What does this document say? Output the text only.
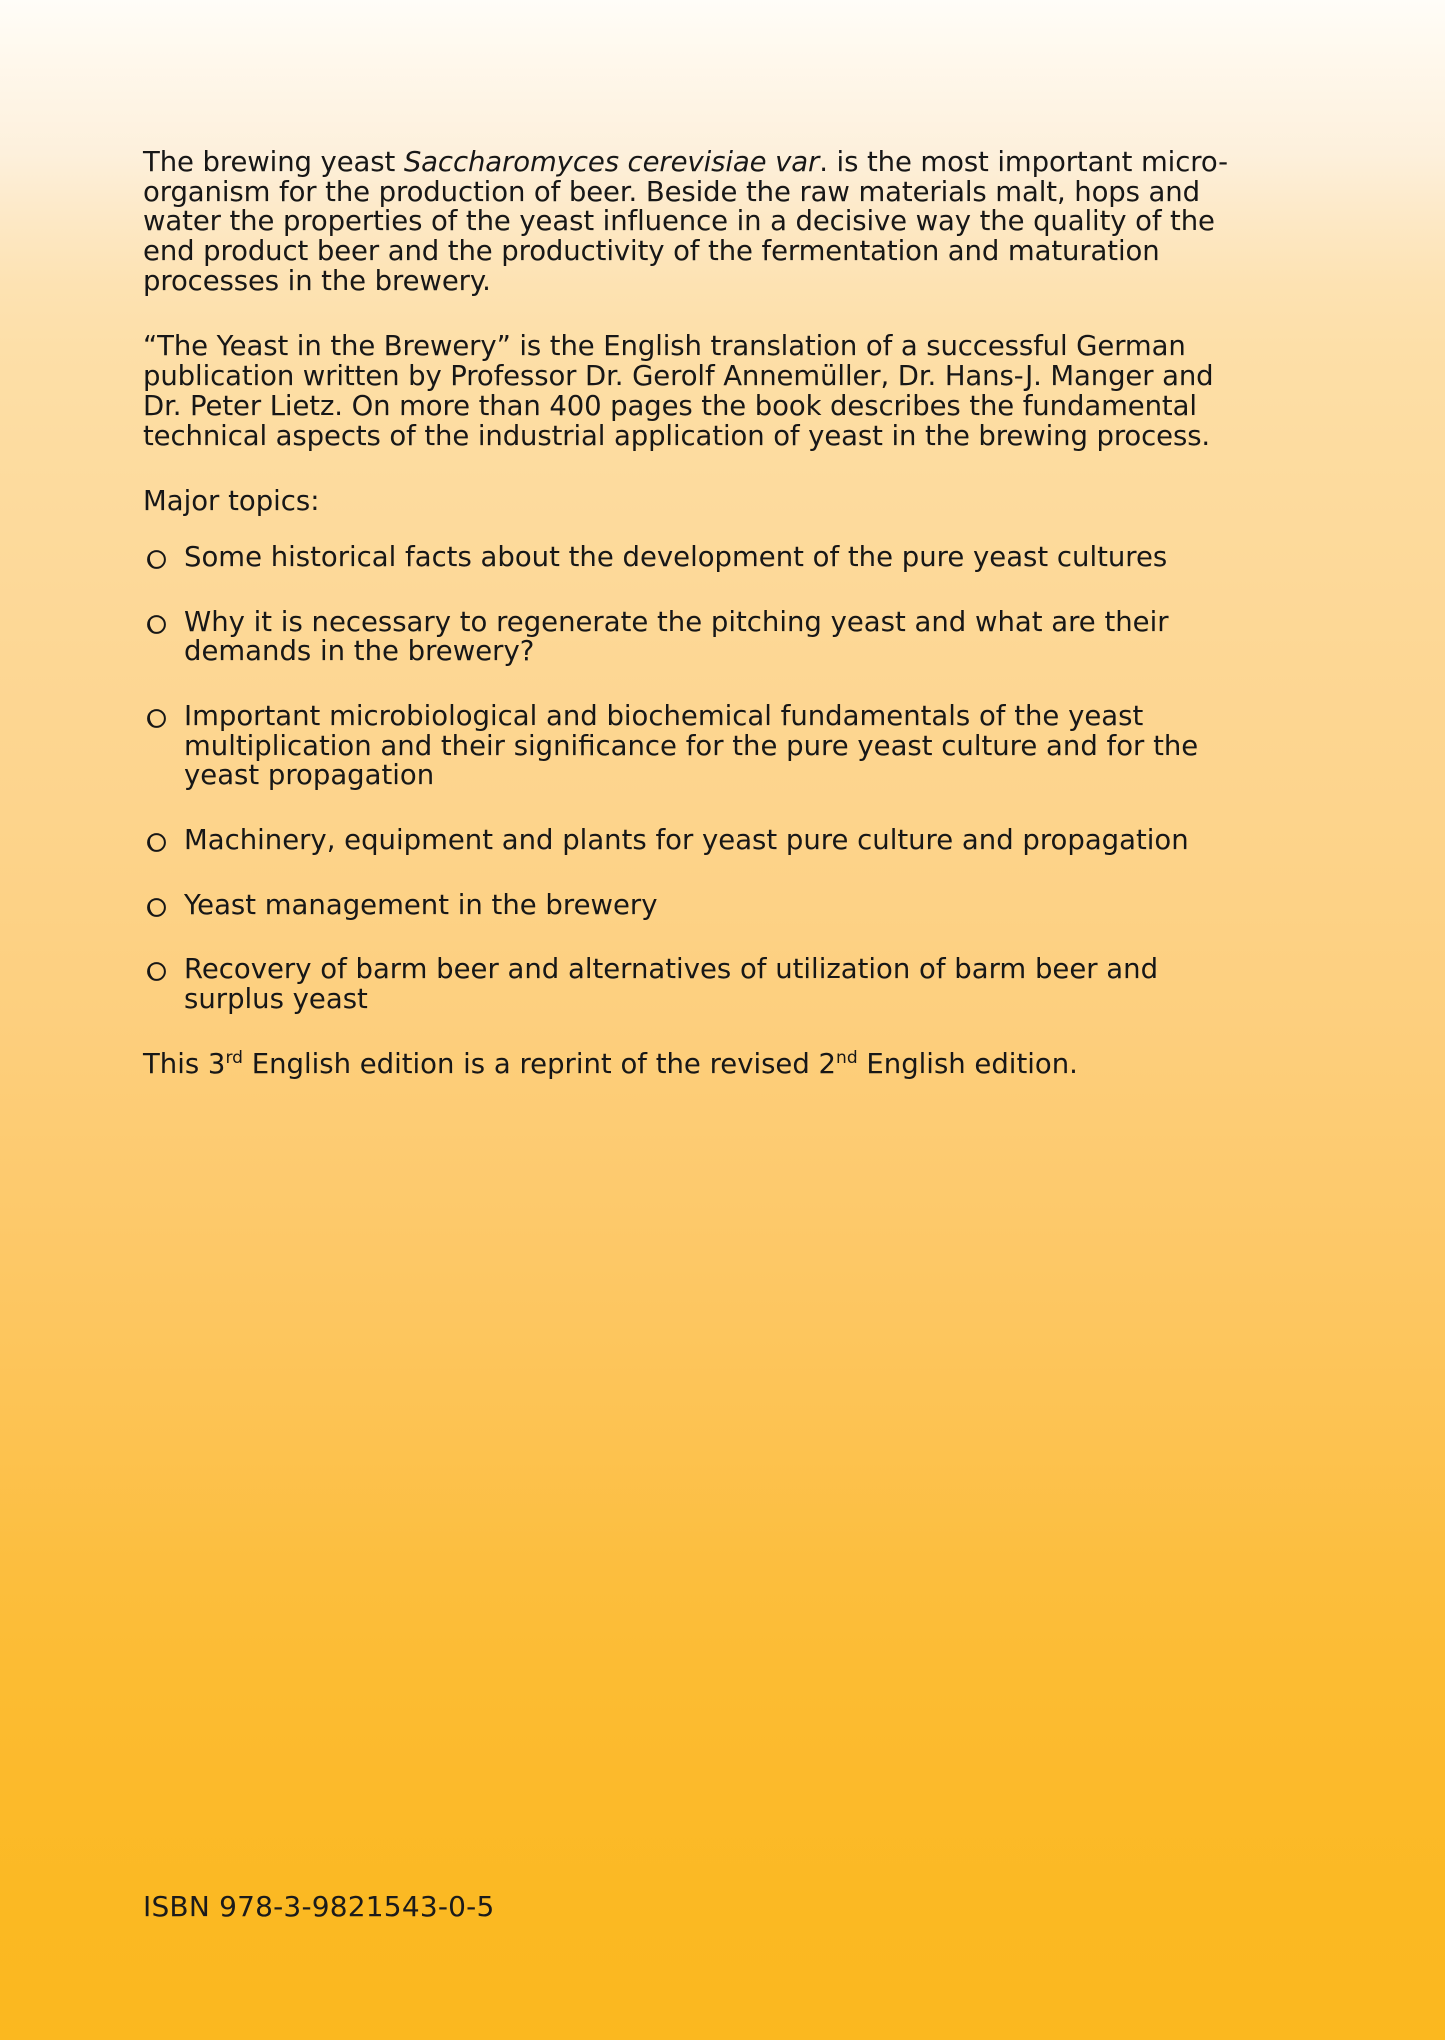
The brewing yeast Saccharomyces cerevisiae var. is the most important micro-organism for the production of beer. Beside the raw materials malt, hops and water the properties of the yeast influence in a decisive way the quality of the end product beer and the productivity of the fermentation and maturation processes in the brewery.

“The Yeast in the Brewery” is the English translation of a successful German publication written by Professor Dr. Gerolf Annemüller, Dr. Hans-J. Manger and Dr. Peter Lietz. On more than 400 pages the book describes the fundamental technical aspects of the industrial application of yeast in the brewing process.

Major topics:
Some historical facts about the development of the pure yeast cultures
Why it is necessary to regenerate the pitching yeast and what are their demands in the brewery?
Important microbiological and biochemical fundamentals of the yeast multiplication and their significance for the pure yeast culture and for the yeast propagation
Machinery, equipment and plants for yeast pure culture and propagation
Yeast management in the brewery
Recovery of barm beer and alternatives of utilization of barm beer and surplus yeast
This 3rd English edition is a reprint of the revised 2nd English edition.
ISBN 978-3-9821543-0-5
